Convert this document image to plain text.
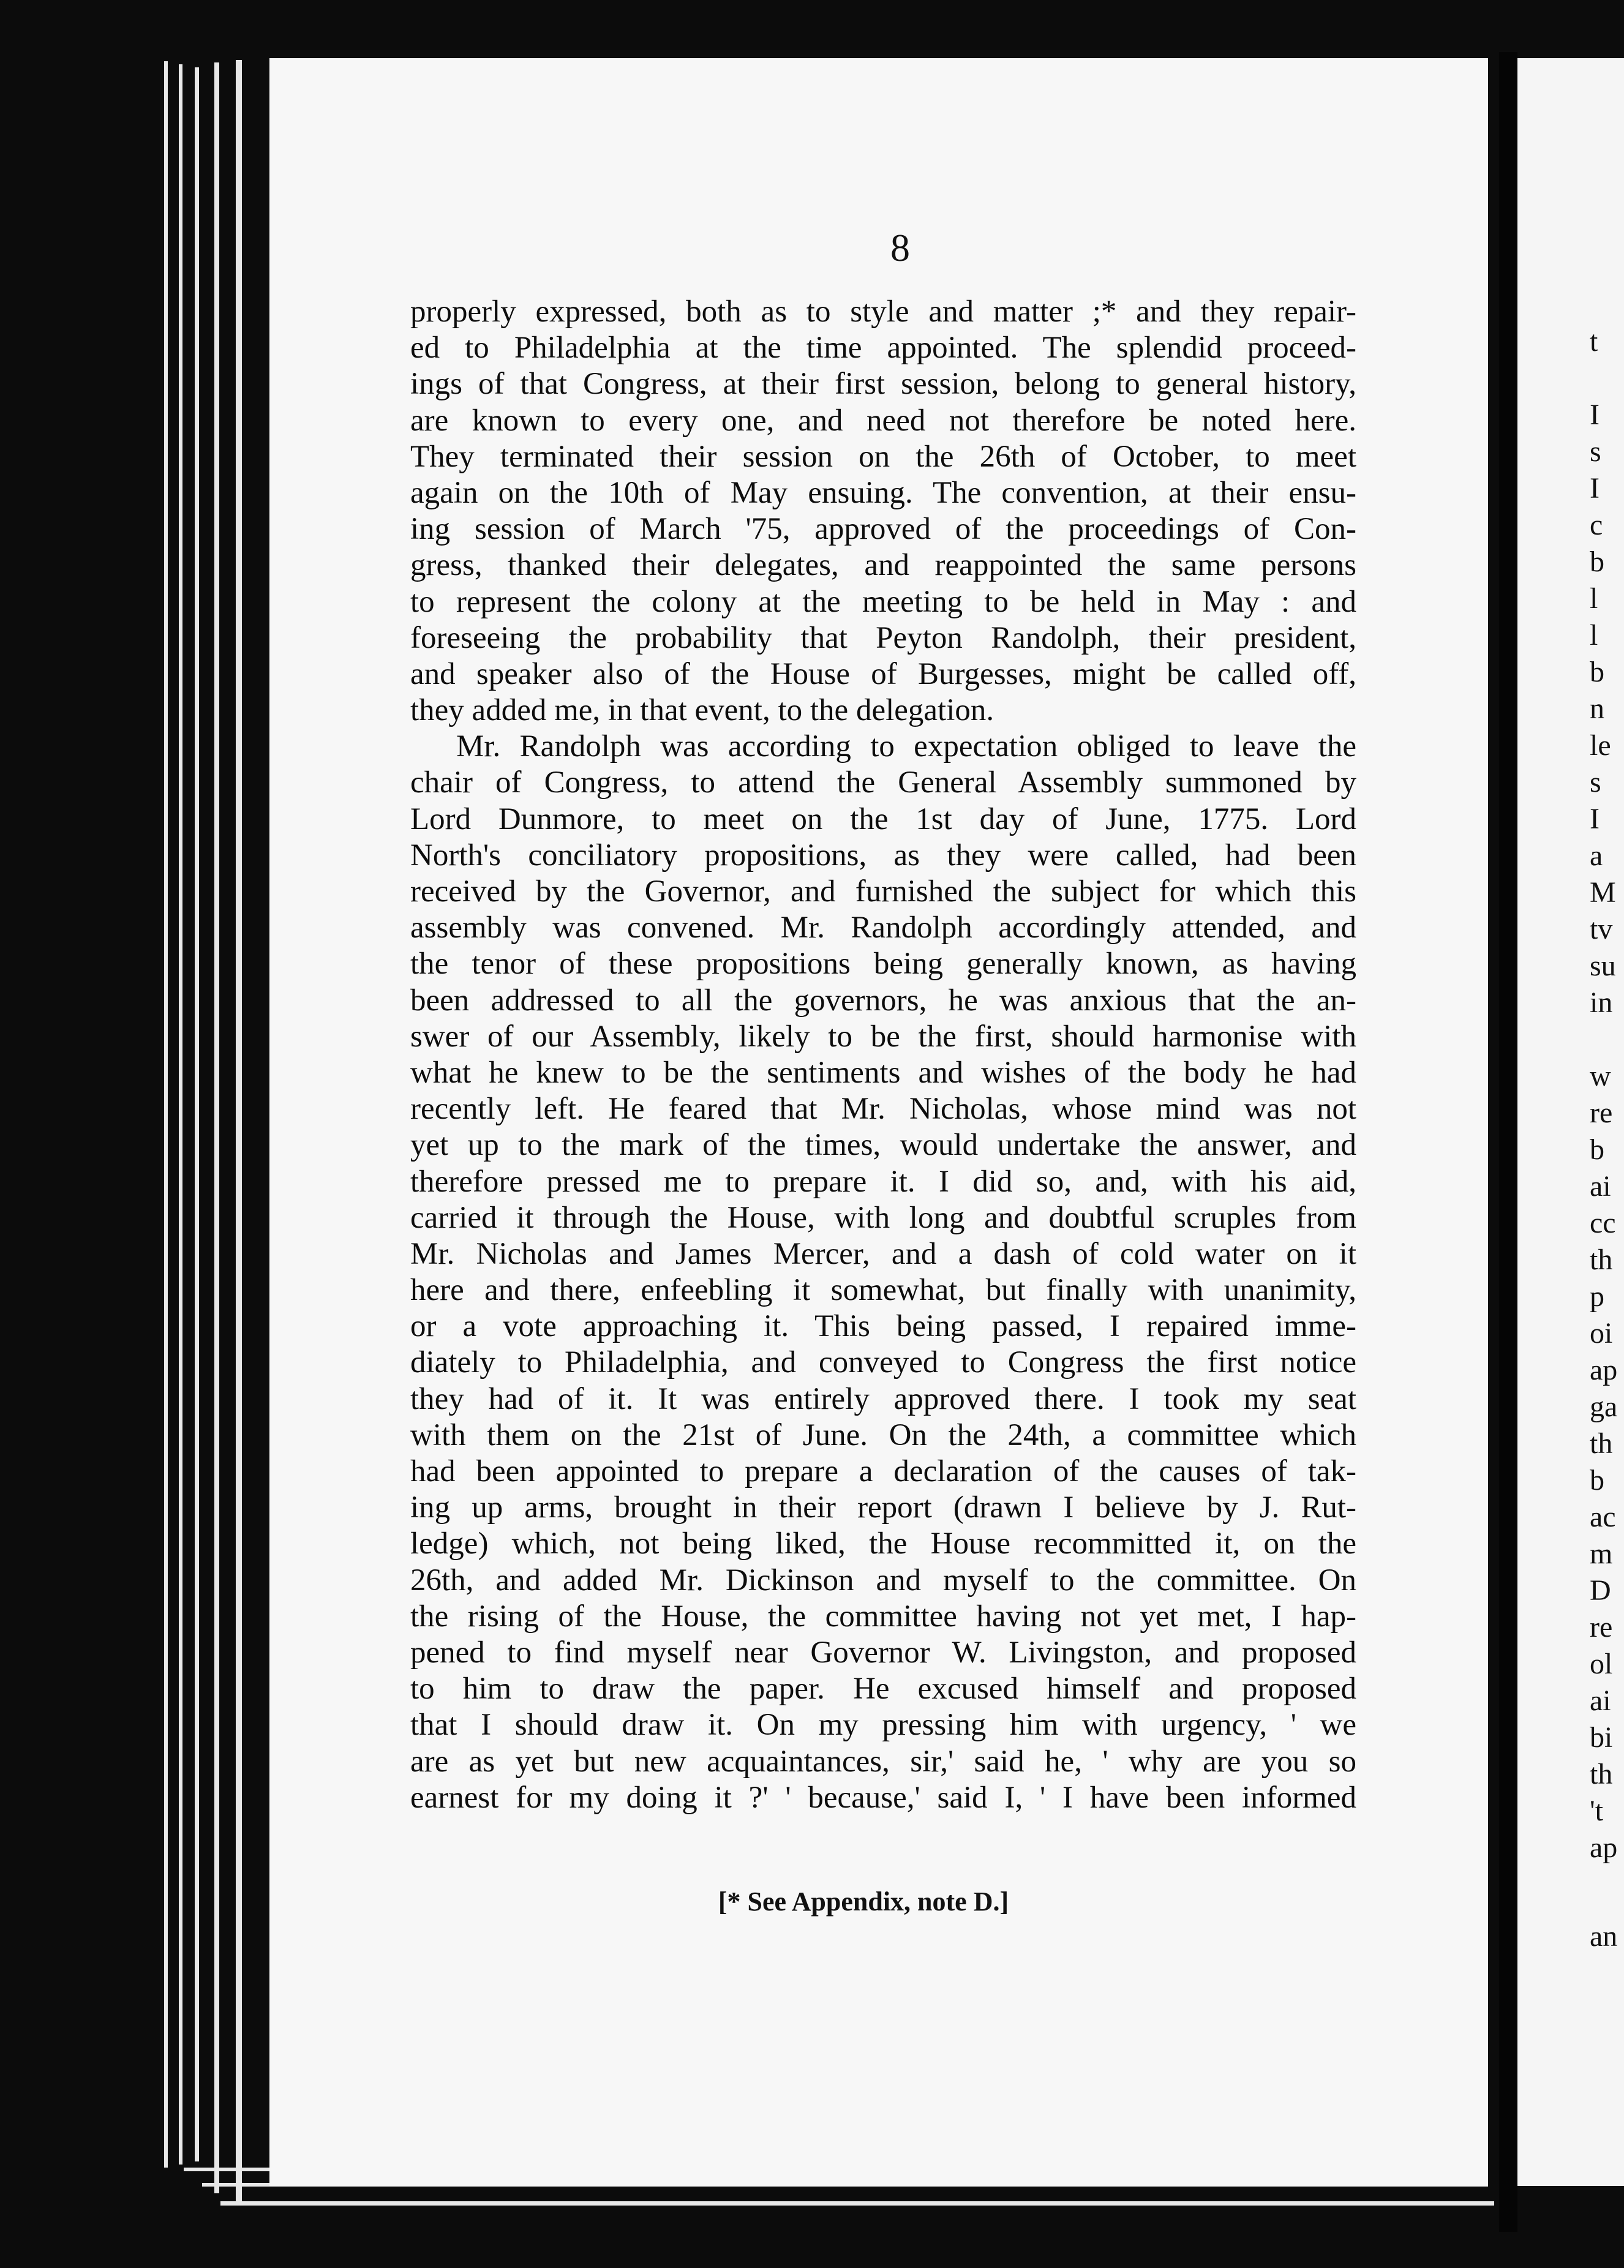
8
properly expressed, both as to style and matter ;* and they repair-
ed to Philadelphia at the time appointed. The splendid proceed-
ings of that Congress, at their first session, belong to general history,
are known to every one, and need not therefore be noted here.
They terminated their session on the 26th of October, to meet
again on the 10th of May ensuing. The convention, at their ensu-
ing session of March '75, approved of the proceedings of Con-
gress, thanked their delegates, and reappointed the same persons
to represent the colony at the meeting to be held in May : and
foreseeing the probability that Peyton Randolph, their president,
and speaker also of the House of Burgesses, might be called off,
they added me, in that event, to the delegation.
Mr. Randolph was according to expectation obliged to leave the
chair of Congress, to attend the General Assembly summoned by
Lord Dunmore, to meet on the 1st day of June, 1775. Lord
North's conciliatory propositions, as they were called, had been
received by the Governor, and furnished the subject for which this
assembly was convened. Mr. Randolph accordingly attended, and
the tenor of these propositions being generally known, as having
been addressed to all the governors, he was anxious that the an-
swer of our Assembly, likely to be the first, should harmonise with
what he knew to be the sentiments and wishes of the body he had
recently left. He feared that Mr. Nicholas, whose mind was not
yet up to the mark of the times, would undertake the answer, and
therefore pressed me to prepare it. I did so, and, with his aid,
carried it through the House, with long and doubtful scruples from
Mr. Nicholas and James Mercer, and a dash of cold water on it
here and there, enfeebling it somewhat, but finally with unanimity,
or a vote approaching it. This being passed, I repaired imme-
diately to Philadelphia, and conveyed to Congress the first notice
they had of it. It was entirely approved there. I took my seat
with them on the 21st of June. On the 24th, a committee which
had been appointed to prepare a declaration of the causes of tak-
ing up arms, brought in their report (drawn I believe by J. Rut-
ledge) which, not being liked, the House recommitted it, on the
26th, and added Mr. Dickinson and myself to the committee. On
the rising of the House, the committee having not yet met, I hap-
pened to find myself near Governor W. Livingston, and proposed
to him to draw the paper. He excused himself and proposed
that I should draw it. On my pressing him with urgency, ' we
are as yet but new acquaintances, sir,' said he, ' why are you so
earnest for my doing it ?' ' because,' said I, ' I have been informed
[* See Appendix, note D.]
t
I
s
I
c
b
l
l
b
n
le
s
I
a
M
tv
su
in
w
re
b
ai
cc
th
p
oi
ap
ga
th
b
ac
m
D
re
ol
ai
bi
th
't
ap
an
